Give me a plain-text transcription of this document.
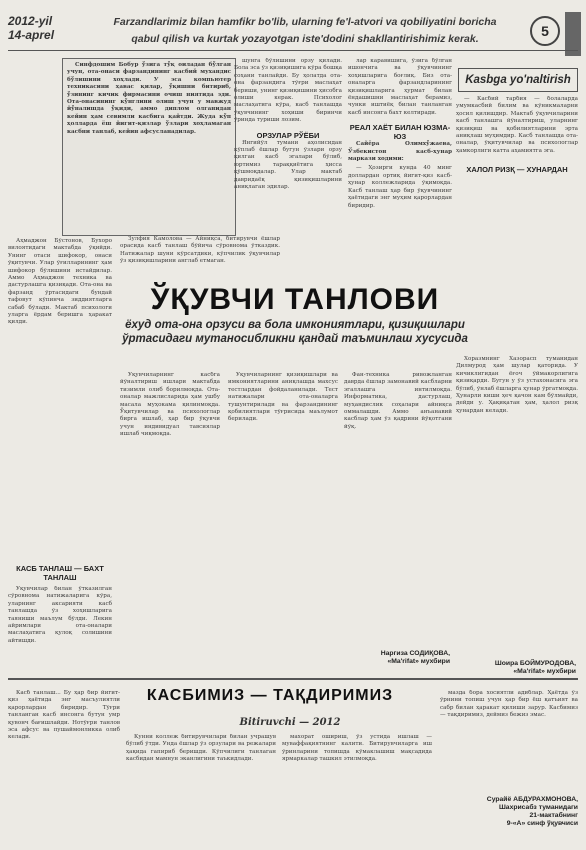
2012-yil
14-aprel
Farzandlarimiz bilan hamfikr bo'lib, ularning fe'l-atvori va qobiliyatini boricha
qabul qilish va kurtak yozayotgan iste'dodini shakllantirishimiz kerak.	5

Синфдошим Бобур ўзига тўқ оиладан бўлган учун, ота-онаси фарзандининг касбий мухандис бўлишини хоҳлади. У эса компьютер техникасини ҳавас қилар, ўқишни битириб, ўзининг кичик фирмасини очиш ниятида эди. Ота-онасининг кўнглини олиш учун у мавжуд йўналишда ўқиди, аммо диплом олганидан кейин ҳам севимли касбига қайтди. Жуда кўп ҳолларда ёш йигит-қизлар ўзлари хоҳламаган касбни танлаб, кейин афсусланадилар.

шунга бўлишини орзу қилади. Бола эса ўз қизиқишига кўра бошқа соҳани танлайди. Бу ҳолатда ота-она фарзандига тўғри маслаҳат бериши, унинг қизиқишини ҳисобга олиши керак. Психолог маслаҳатига кўра, касб танлашда ўқувчининг хоҳиши биринчи ўринда туриши лозим.

ОРЗУЛАР РЎЁБИ

Янгийўл тумани аҳолисидан кўплаб ёшлар бугун ўзлари орзу қилган касб эгалари бўлиб, юртимиз тараққиётига ҳисса қўшмоқдалар. Улар мактаб давридаёқ қизиқишларини аниқлаган эдилар.

лар каравишига, ўзига бўлган ишончига ва ўқувчининг хоҳишларига боғлиқ. Биз ота-оналарга фарзандларининг қизиқишларига ҳурмат билан ёндашишни маслаҳат берамиз, чунки иштиёқ билан танланган касб инсонга бахт келтиради.

РЕАЛ ХАЁТ БИЛАН ЮЗМА-ЮЗ

Сайёра Олимхўжаева, Ўзбекистон касб-ҳунар маркази ходими:

— Ҳозирги кунда 40 минг доллардан ортиқ йигит-қиз касб-ҳунар коллежларида ўқимоқда. Касб танлаш ҳар бир ўқувчининг ҳаётидаги энг муҳим қарорлардан биридир.

Kasbga yo'naltirish

— Касбий тарбия — болаларда умумкасбий билим ва кўникмаларни ҳосил қилишдир. Мактаб ўқувчиларини касб танлашга йўналтириш, уларнинг қизиқиш ва қобилиятларини эрта аниқлаш муҳимдир. Касб танлашда ота-оналар, ўқитувчилар ва психологлар ҳамкорлиги катта аҳамиятга эга.

ХАЛОЛ РИЗҚ — ХУНАРДАН

Хоразмнинг Хазорасп туманидан Дилмурод ҳам шулар қаторида. У кичиклигидан ёғоч ўймакорлигига қизиқарди. Бугун у ўз устахонасига эга бўлиб, ўнлаб ёшларга ҳунар ўргатмоқда. Ҳунарли киши ҳеч қачон кам бўлмайди, дейди у. Ҳақиқатан ҳам, ҳалол ризқ ҳунардан келади.

Шоира БОЙМУРОДОВА,
«Ма'rifat» мухбири

Аҳмаджон Бўстонов, Бухоро вилоятидаги мактабда ўқийди. Унинг отаси шифокор, онаси ўқитувчи. Улар ўғилларининг ҳам шифокор бўлишини истайдилар. Аммо Аҳмаджон техника ва дастурлашга қизиқади. Ота-она ва фарзанд ўртасидаги бундай тафовут кўпинча зиддиятларга сабаб бўлади. Мактаб психологи уларга ёрдам беришга ҳаракат қилди.

Зулфия Камолова — Айниқса, битирувчи ёшлар орасида касб танлаш бўйича сўровнома ўтказдик. Натижалар шуни кўрсатдики, кўпчилик ўқувчилар ўз қизиқишларини англаб етмаган.

ЎҚУВЧИ ТАНЛОВИ
ёхуд ота-она орзуси ва бола имкониятлари, қизиқишлари ўртасидаги мутаносибликни қандай таъминлаш хусусида
КАСБ ТАНЛАШ — БАХТ ТАНЛАШ

Ўқувчилар билан ўтказилган сўровнома натижаларига кўра, уларнинг аксарияти касб танлашда ўз хоҳишларига таяниши маълум бўлди. Лекин айримлари ота-оналари маслаҳатига қулоқ солишини айтишди.

Ўқувчиларнинг касбга йўналтириш ишлари мактабда тизимли олиб борилмоқда. Ота-оналар мажлисларида ҳам ушбу масала муҳокама қилинмоқда. Ўқитувчилар ва психологлар бирга ишлаб, ҳар бир ўқувчи учун индивидуал тавсиялар ишлаб чиқмоқда.

Ўқувчиларнинг қизиқишлари ва имкониятларини аниқлашда махсус тестлардан фойдаланилади. Тест натижалари ота-оналарга тушунтирилади ва фарзандининг қобилиятлари тўғрисида маълумот берилади.

Фан-техника ривожланган даврда ёшлар замонавий касбларни эгаллашга интилмоқда. Информатика, дастурлаш, муҳандислик соҳалари айниқса оммалашди. Аммо анъанавий касблар ҳам ўз қадрини йўқотгани йўқ.

Наргиза СОДИҚОВА,
«Ma'rifat» мухбири
КАСБИМИЗ — ТАҚДИРИМИЗ
Bitiruvchi — 2012

Касб танлаш... Бу ҳар бир йигит-қиз ҳаётида энг масъулиятли қарорлардан биридир. Тўғри танланган касб инсонга бутун умр қувонч бағишлайди. Нотўғри танлов эса афсус ва пушаймонликка олиб келади.	Кунни коллеж битирувчилари билан учрашув бўлиб ўтди. Унда ёшлар ўз орзулари ва режалари ҳақида гапириб беришди. Кўпчилиги танлаган касбидан мамнун эканлигини таъкидлади.

махорат ошириш, ўз устида ишлаш — муваффақиятнинг калити. Битирувчиларга иш ўринларини топишда кўмаклашиш мақсадида ярмаркалар ташкил этилмоқда.

мазда бора хосиятли адиблар. Ҳаётда ўз ўрнини топиш учун ҳар бир ёш қатъият ва сабр билан ҳаракат қилиши зарур. Касбимиз — тақдиримиз, деймиз бежиз эмас.

Сурайё АБДУРАХМОНОВА,
Шахрисабз туманидаги
21-мактабнинг
9-«А» синф ўқувчиси
